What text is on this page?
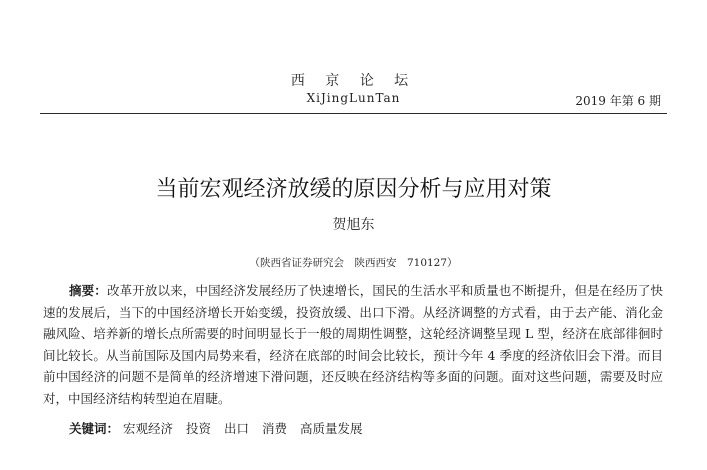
西 京 论 坛
XiJingLunTan	2019 年第 6 期
当前宏观经济放缓的原因分析与应用对策
贺旭东
（陕西省证券研究会　陕西西安　710127）
摘要：改革开放以来，中国经济发展经历了快速增长，国民的生活水平和质量也不断提升，但是在经历了快速的发展后，当下的中国经济增长开始变缓，投资放缓、出口下滑。从经济调整的方式看，由于去产能、消化金融风险、培养新的增长点所需要的时间明显长于一般的周期性调整，这轮经济调整呈现 L 型，经济在底部徘徊时间比较长。从当前国际及国内局势来看，经济在底部的时间会比较长，预计今年 4 季度的经济依旧会下滑。而目前中国经济的问题不是简单的经济增速下滑问题，还反映在经济结构等多面的问题。面对这些问题，需要及时应对，中国经济结构转型迫在眉睫。
关键词： 宏观经济 投资 出口 消费 高质量发展
